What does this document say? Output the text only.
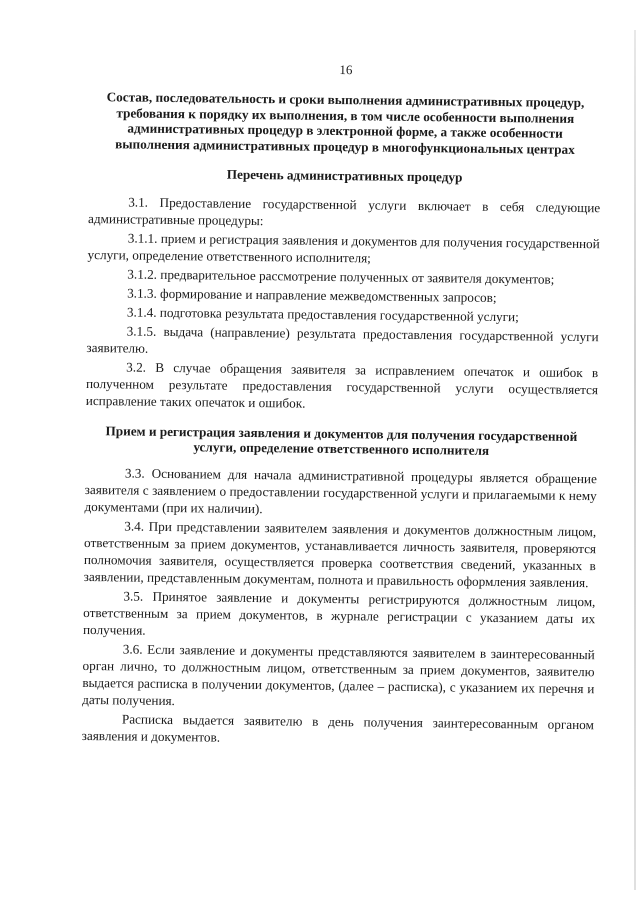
16
Состав, последовательность и сроки выполнения административных процедур, требования к порядку их выполнения, в том числе особенности выполнения административных процедур в электронной форме, а также особенности выполнения административных процедур в многофункциональных центрах
Перечень административных процедур

3.1. Предоставление государственной услуги включает в себя следующие административные процедуры:

3.1.1. прием и регистрация заявления и документов для получения государственной услуги, определение ответственного исполнителя;

3.1.2. предварительное рассмотрение полученных от заявителя документов;

3.1.3. формирование и направление межведомственных запросов;

3.1.4. подготовка результата предоставления государственной услуги;

3.1.5. выдача (направление) результата предоставления государственной услуги заявителю.

3.2. В случае обращения заявителя за исправлением опечаток и ошибок в полученном результате предоставления государственной услуги осуществляется исправление таких опечаток и ошибок.

Прием и регистрация заявления и документов для получения государственной услуги, определение ответственного исполнителя

3.3. Основанием для начала административной процедуры является обращение заявителя с заявлением о предоставлении государственной услуги и прилагаемыми к нему документами (при их наличии).

3.4. При представлении заявителем заявления и документов должностным лицом, ответственным за прием документов, устанавливается личность заявителя, проверяются полномочия заявителя, осуществляется проверка соответствия сведений, указанных в заявлении, представленным документам, полнота и правильность оформления заявления.

3.5. Принятое заявление и документы регистрируются должностным лицом, ответственным за прием документов, в журнале регистрации с указанием даты их получения.

3.6. Если заявление и документы представляются заявителем в заинтересованный орган лично, то должностным лицом, ответственным за прием документов, заявителю выдается расписка в получении документов, (далее – расписка), с указанием их перечня и даты получения.

Расписка выдается заявителю в день получения заинтересованным органом заявления и документов.
